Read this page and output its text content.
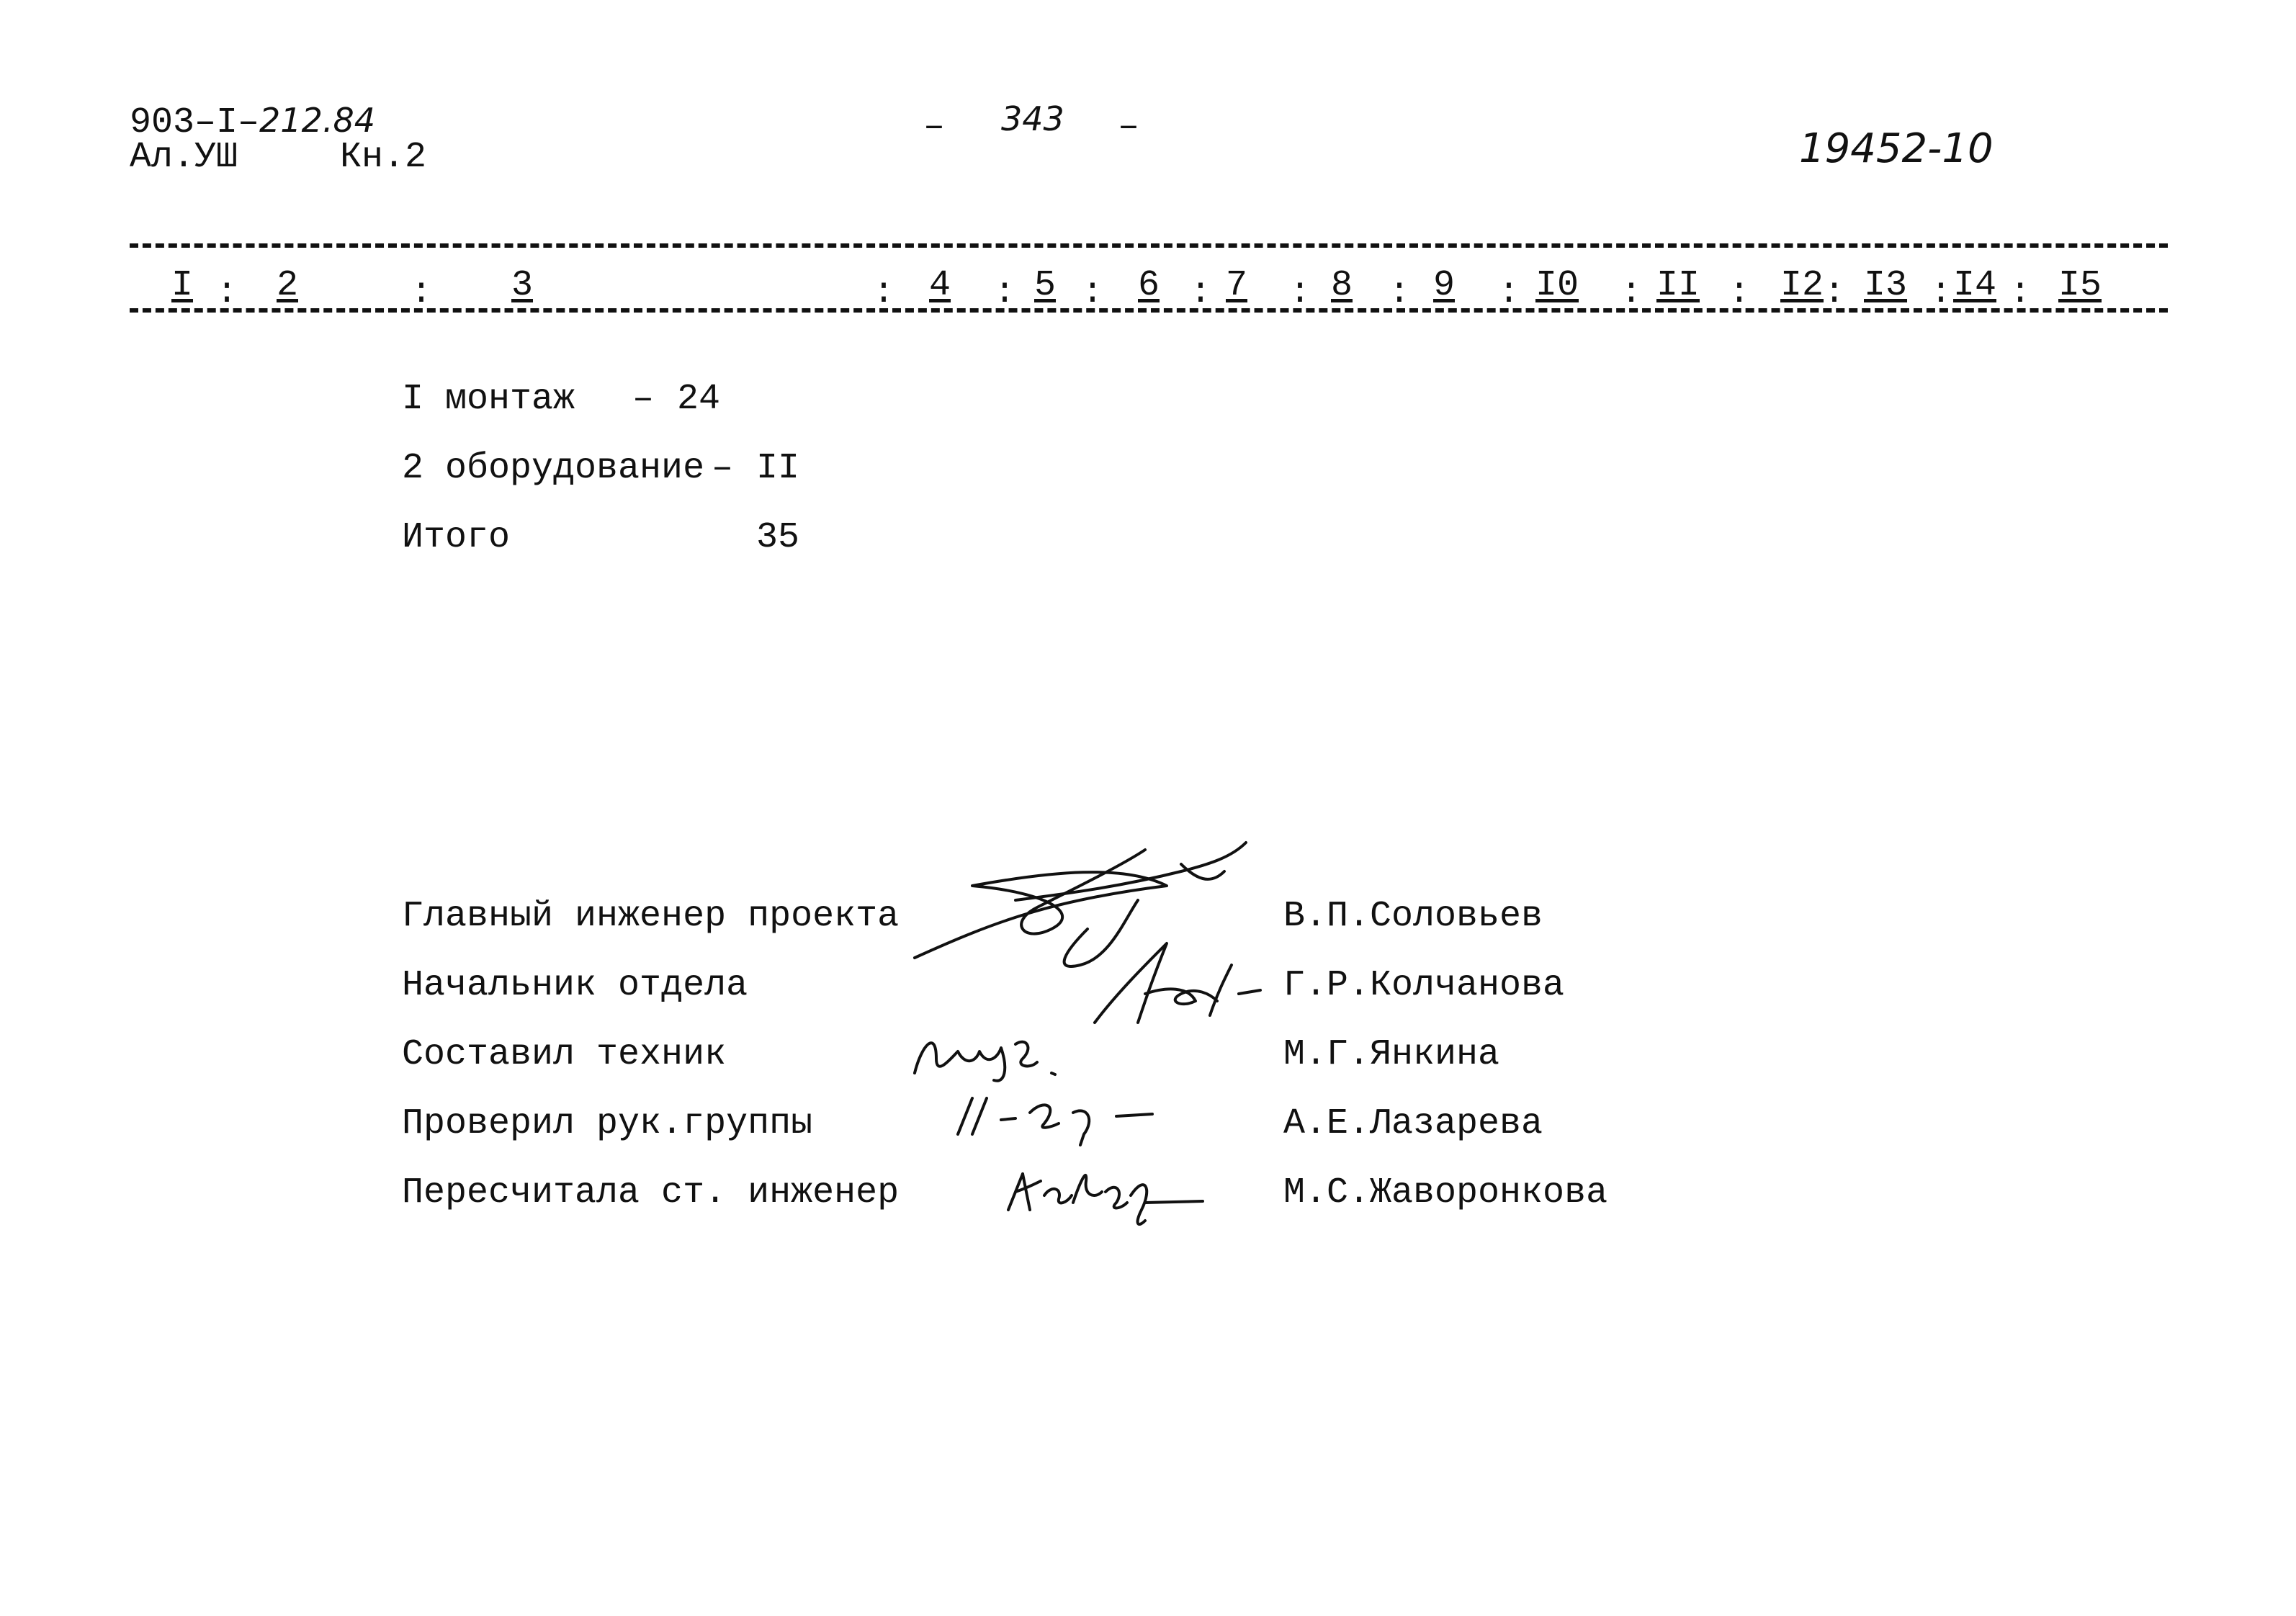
903–I–212.84
Ал.УШ	Кн.2
– 343 –	19452-10
I 2	3	4 5 6 7 8 9 I0 II I2 I3 I4 I5
:	:	:	: : : : : :	: : : : :
I монтаж – 24
2 оборудование – II
Итого	35
Главный инженер проекта	В.П.Соловьев
Начальник отдела	Г.Р.Колчанова
Составил техник	М.Г.Янкина
Проверил рук.группы	А.Е.Лазарева
Пересчитала ст. инженер	М.С.Жаворонкова
